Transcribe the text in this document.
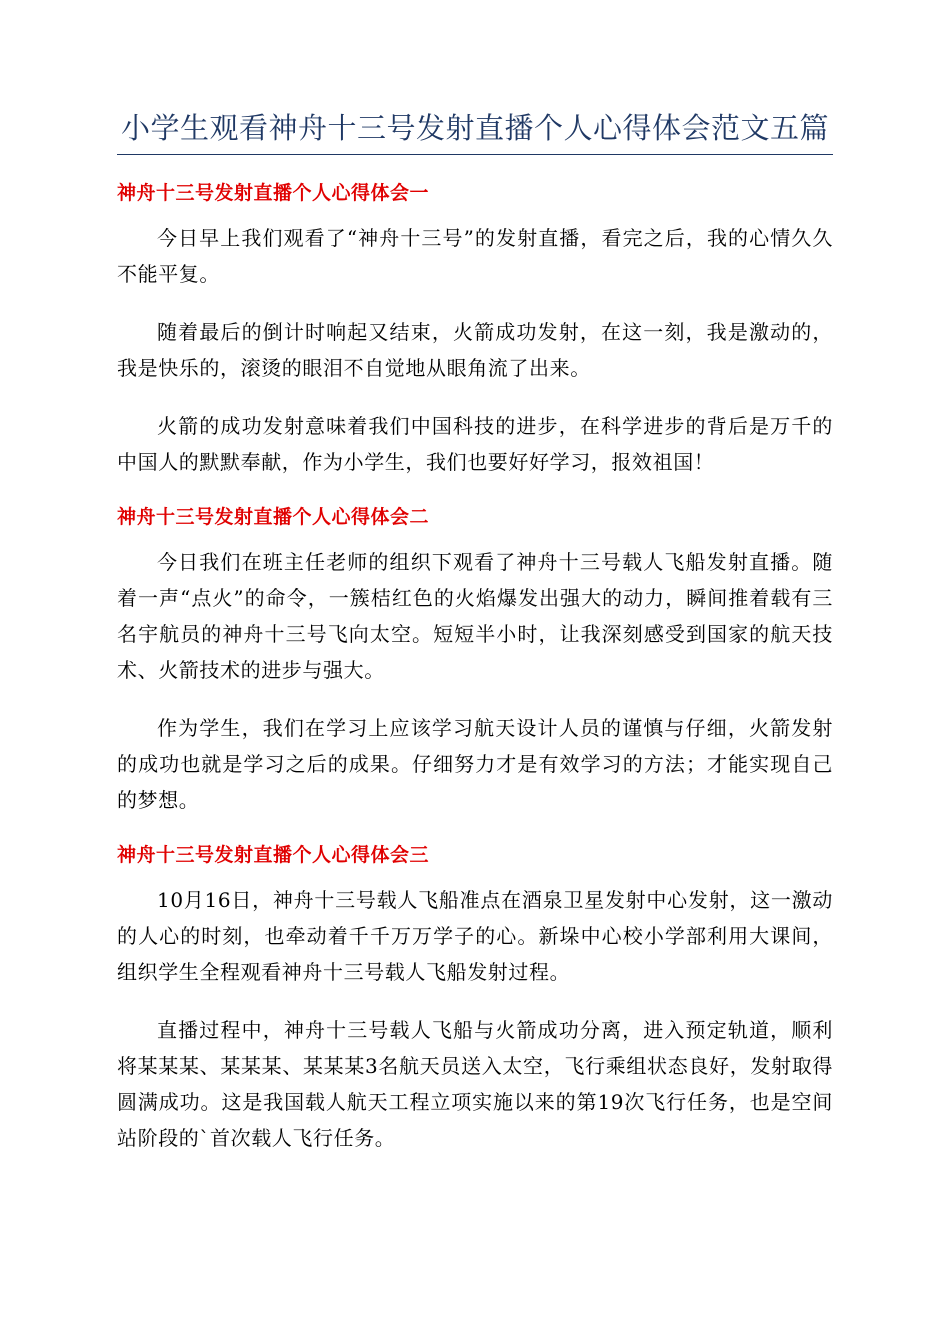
小学生观看神舟十三号发射直播个人心得体会范文五篇
神舟十三号发射直播个人心得体会一

今日早上我们观看了“神舟十三号”的发射直播，看完之后，我的心情久久不能平复。

随着最后的倒计时响起又结束，火箭成功发射，在这一刻，我是激动的，我是快乐的，滚烫的眼泪不自觉地从眼角流了出来。

火箭的成功发射意味着我们中国科技的进步，在科学进步的背后是万千的中国人的默默奉献，作为小学生，我们也要好好学习，报效祖国！

神舟十三号发射直播个人心得体会二

今日我们在班主任老师的组织下观看了神舟十三号载人飞船发射直播。随着一声“点火”的命令，一簇桔红色的火焰爆发出强大的动力，瞬间推着载有三名宇航员的神舟十三号飞向太空。短短半小时，让我深刻感受到国家的航天技术、火箭技术的进步与强大。

作为学生，我们在学习上应该学习航天设计人员的谨慎与仔细，火箭发射的成功也就是学习之后的成果。仔细努力才是有效学习的方法；才能实现自己的梦想。

神舟十三号发射直播个人心得体会三

10月16日，神舟十三号载人飞船准点在酒泉卫星发射中心发射，这一激动的人心的时刻，也牵动着千千万万学子的心。新垛中心校小学部利用大课间，组织学生全程观看神舟十三号载人飞船发射过程。

直播过程中，神舟十三号载人飞船与火箭成功分离，进入预定轨道，顺利将某某某、某某某、某某某3名航天员送入太空，飞行乘组状态良好，发射取得圆满成功。这是我国载人航天工程立项实施以来的第19次飞行任务，也是空间站阶段的`首次载人飞行任务。
